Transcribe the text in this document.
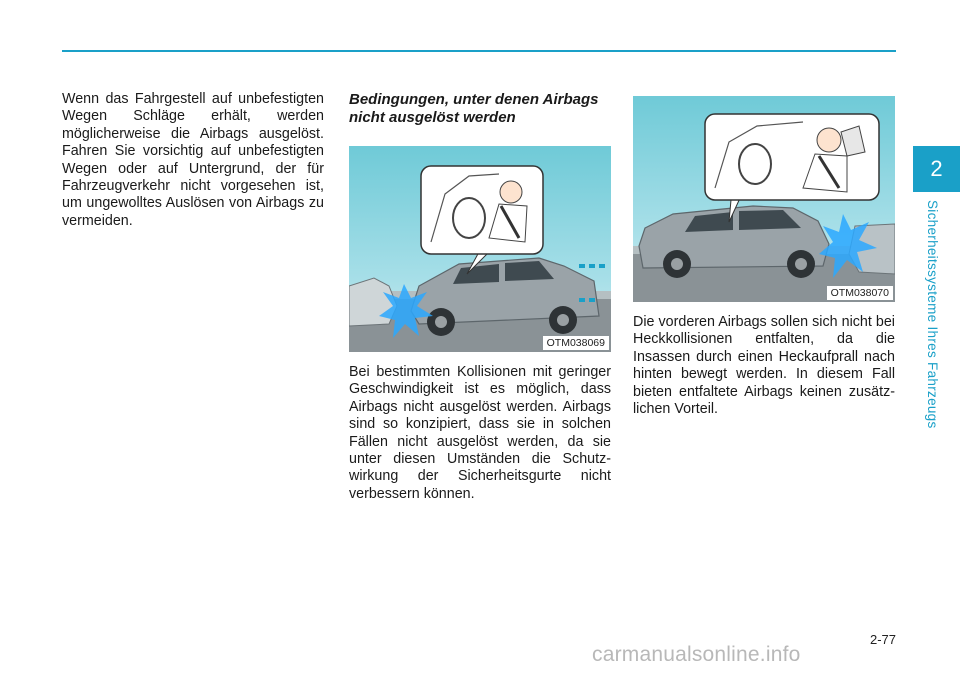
2
Sicherheitssysteme Ihres Fahrzeugs

Wenn das Fahrgestell auf unbefestigten Wegen Schläge erhält, werden möglicherweise die Airbags ausgelöst. Fahren Sie vorsichtig auf unbefestigten Wegen oder auf Untergrund, der für Fahrzeugverkehr nicht vorgesehen ist, um ungewolltes Auslösen von Airbags zu vermeiden.

Bedingungen, unter denen Airbags nicht ausgelöst werden
OTM038069

Bei bestimmten Kollisionen mit geringer Geschwindigkeit ist es möglich, dass Airbags nicht ausgelöst werden. Airbags sind so konzipiert, dass sie in solchen Fällen nicht ausgelöst werden, da sie unter diesen Umständen die Schutzwirkung der Sicherheitsgurte nicht verbessern können.

OTM038070

Die vorderen Airbags sollen sich nicht bei Heckkollisionen entfalten, da die Insassen durch einen Heckaufprall nach hinten bewegt werden. In diesem Fall bieten entfaltete Airbags keinen zusätzlichen Vorteil.

2-77
carmanualsonline.info
